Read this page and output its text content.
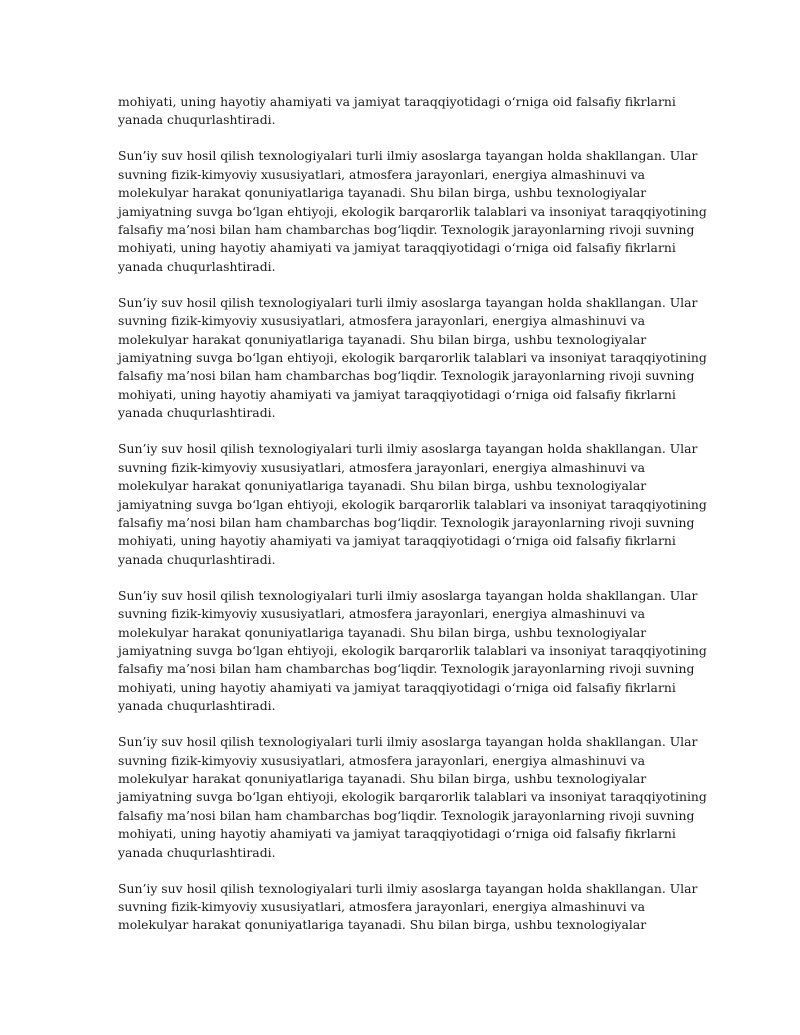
mohiyati, uning hayotiy ahamiyati va jamiyat taraqqiyotidagi o‘rniga oid falsafiy fikrlarni
yanada chuqurlashtiradi.

Sun’iy suv hosil qilish texnologiyalari turli ilmiy asoslarga tayangan holda shakllangan. Ular
suvning fizik-kimyoviy xususiyatlari, atmosfera jarayonlari, energiya almashinuvi va
molekulyar harakat qonuniyatlariga tayanadi. Shu bilan birga, ushbu texnologiyalar
jamiyatning suvga bo‘lgan ehtiyoji, ekologik barqarorlik talablari va insoniyat taraqqiyotining
falsafiy ma’nosi bilan ham chambarchas bog‘liqdir. Texnologik jarayonlarning rivoji suvning
mohiyati, uning hayotiy ahamiyati va jamiyat taraqqiyotidagi o‘rniga oid falsafiy fikrlarni
yanada chuqurlashtiradi.

Sun’iy suv hosil qilish texnologiyalari turli ilmiy asoslarga tayangan holda shakllangan. Ular
suvning fizik-kimyoviy xususiyatlari, atmosfera jarayonlari, energiya almashinuvi va
molekulyar harakat qonuniyatlariga tayanadi. Shu bilan birga, ushbu texnologiyalar
jamiyatning suvga bo‘lgan ehtiyoji, ekologik barqarorlik talablari va insoniyat taraqqiyotining
falsafiy ma’nosi bilan ham chambarchas bog‘liqdir. Texnologik jarayonlarning rivoji suvning
mohiyati, uning hayotiy ahamiyati va jamiyat taraqqiyotidagi o‘rniga oid falsafiy fikrlarni
yanada chuqurlashtiradi.

Sun’iy suv hosil qilish texnologiyalari turli ilmiy asoslarga tayangan holda shakllangan. Ular
suvning fizik-kimyoviy xususiyatlari, atmosfera jarayonlari, energiya almashinuvi va
molekulyar harakat qonuniyatlariga tayanadi. Shu bilan birga, ushbu texnologiyalar
jamiyatning suvga bo‘lgan ehtiyoji, ekologik barqarorlik talablari va insoniyat taraqqiyotining
falsafiy ma’nosi bilan ham chambarchas bog‘liqdir. Texnologik jarayonlarning rivoji suvning
mohiyati, uning hayotiy ahamiyati va jamiyat taraqqiyotidagi o‘rniga oid falsafiy fikrlarni
yanada chuqurlashtiradi.

Sun’iy suv hosil qilish texnologiyalari turli ilmiy asoslarga tayangan holda shakllangan. Ular
suvning fizik-kimyoviy xususiyatlari, atmosfera jarayonlari, energiya almashinuvi va
molekulyar harakat qonuniyatlariga tayanadi. Shu bilan birga, ushbu texnologiyalar
jamiyatning suvga bo‘lgan ehtiyoji, ekologik barqarorlik talablari va insoniyat taraqqiyotining
falsafiy ma’nosi bilan ham chambarchas bog‘liqdir. Texnologik jarayonlarning rivoji suvning
mohiyati, uning hayotiy ahamiyati va jamiyat taraqqiyotidagi o‘rniga oid falsafiy fikrlarni
yanada chuqurlashtiradi.

Sun’iy suv hosil qilish texnologiyalari turli ilmiy asoslarga tayangan holda shakllangan. Ular
suvning fizik-kimyoviy xususiyatlari, atmosfera jarayonlari, energiya almashinuvi va
molekulyar harakat qonuniyatlariga tayanadi. Shu bilan birga, ushbu texnologiyalar
jamiyatning suvga bo‘lgan ehtiyoji, ekologik barqarorlik talablari va insoniyat taraqqiyotining
falsafiy ma’nosi bilan ham chambarchas bog‘liqdir. Texnologik jarayonlarning rivoji suvning
mohiyati, uning hayotiy ahamiyati va jamiyat taraqqiyotidagi o‘rniga oid falsafiy fikrlarni
yanada chuqurlashtiradi.

Sun’iy suv hosil qilish texnologiyalari turli ilmiy asoslarga tayangan holda shakllangan. Ular
suvning fizik-kimyoviy xususiyatlari, atmosfera jarayonlari, energiya almashinuvi va
molekulyar harakat qonuniyatlariga tayanadi. Shu bilan birga, ushbu texnologiyalar
